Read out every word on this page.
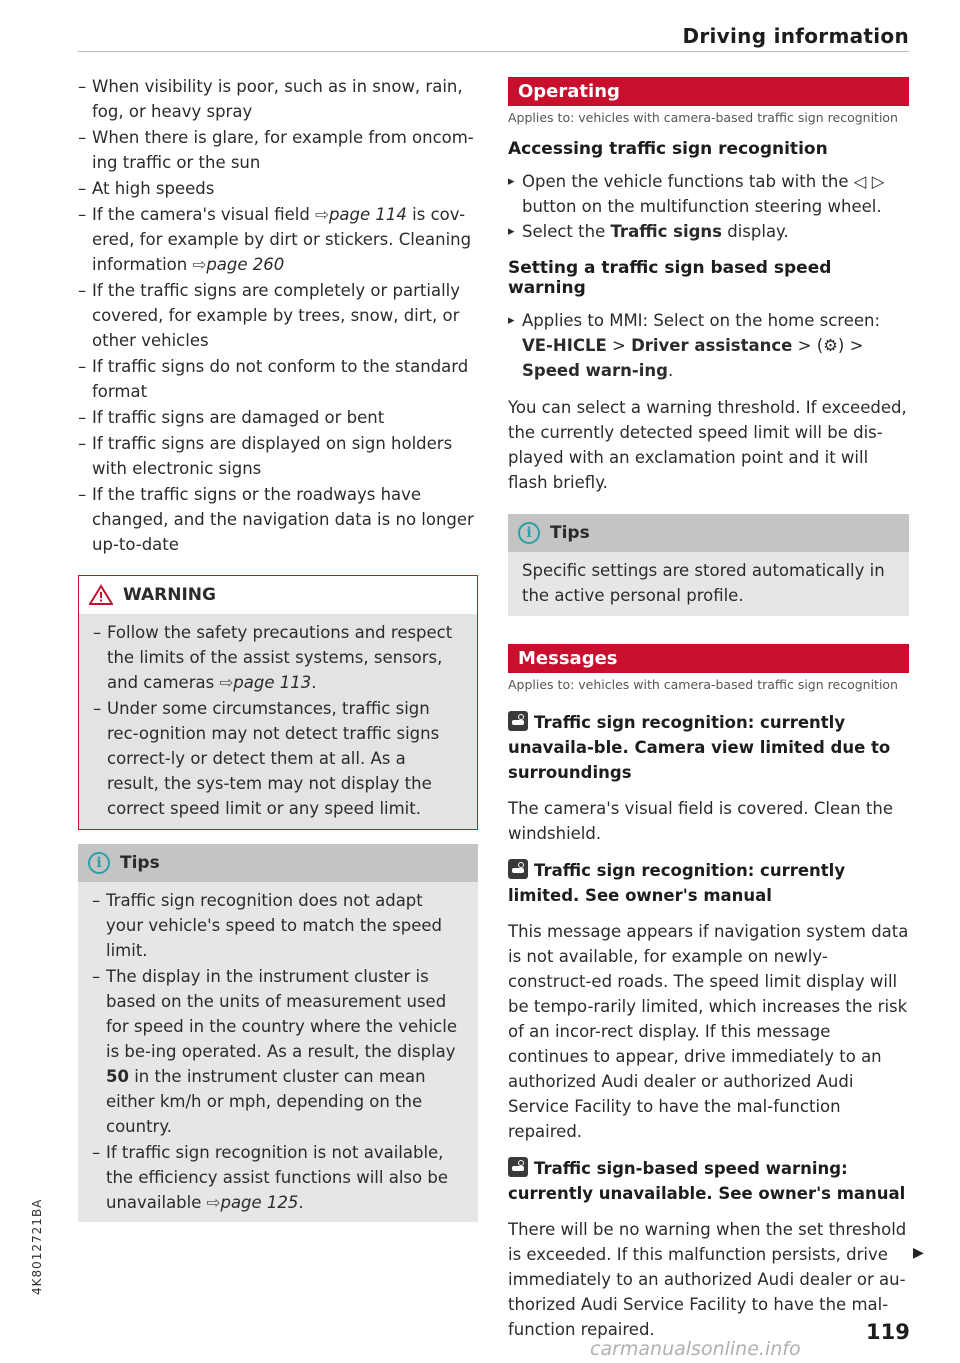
Driving information
– When visibility is poor, such as in snow, rain, fog, or heavy spray
– When there is glare, for example from oncom-ing traffic or the sun
– At high speeds
– If the camera's visual field ⇨page 114 is cov-ered, for example by dirt or stickers. Cleaning information ⇨page 260
– If the traffic signs are completely or partially covered, for example by trees, snow, dirt, or other vehicles
– If traffic signs do not conform to the standard format
– If traffic signs are damaged or bent
– If traffic signs are displayed on sign holders with electronic signs
– If the traffic signs or the roadways have changed, and the navigation data is no longer up-to-date
WARNING
– Follow the safety precautions and respect the limits of the assist systems, sensors, and cameras ⇨page 113.
– Under some circumstances, traffic sign rec-ognition may not detect traffic signs correct-ly or detect them at all. As a result, the sys-tem may not display the correct speed limit or any speed limit.
i	Tips
– Traffic sign recognition does not adapt your vehicle's speed to match the speed limit.
– The display in the instrument cluster is based on the units of measurement used for speed in the country where the vehicle is be-ing operated. As a result, the display 50 in the instrument cluster can mean either km/h or mph, depending on the country.
– If traffic sign recognition is not available, the efficiency assist functions will also be unavailable ⇨page 125.
Operating
Applies to: vehicles with camera-based traffic sign recognition
Accessing traffic sign recognition
▸ Open the vehicle functions tab with the ◁ ▷ button on the multifunction steering wheel.
▸ Select the Traffic signs display.
Setting a traffic sign based speed warning
▸ Applies to MMI: Select on the home screen: VE-HICLE > Driver assistance > (⚙) > Speed warn-ing.

You can select a warning threshold. If exceeded, the currently detected speed limit will be dis-played with an exclamation point and it will flash briefly.

i	Tips

Specific settings are stored automatically in the active personal profile.

Messages
Applies to: vehicles with camera-based traffic sign recognition

Traffic sign recognition: currently unavaila-ble. Camera view limited due to surroundings

The camera's visual field is covered. Clean the windshield.

Traffic sign recognition: currently limited. See owner's manual

This message appears if navigation system data is not available, for example on newly-construct-ed roads. The speed limit display will be tempo-rarily limited, which increases the risk of an incor-rect display. If this message continues to appear, drive immediately to an authorized Audi dealer or authorized Audi Service Facility to have the mal-function repaired.

Traffic sign-based speed warning: currently unavailable. See owner's manual

There will be no warning when the set threshold is exceeded. If this malfunction persists, drive immediately to an authorized Audi dealer or au-thorized Audi Service Facility to have the mal-function repaired.

▶
119
4K8012721BA
carmanualsonline.info
